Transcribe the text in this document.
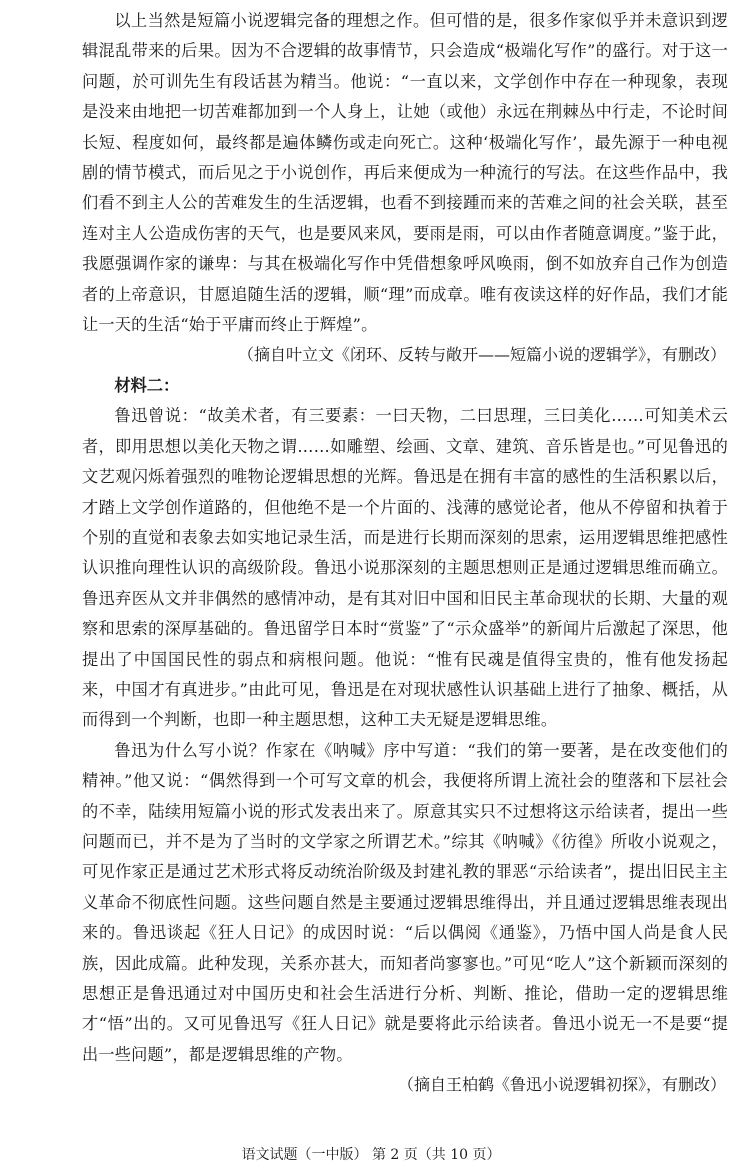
以上当然是短篇小说逻辑完备的理想之作。但可惜的是，很多作家似乎并未意识到逻辑混乱带来的后果。因为不合逻辑的故事情节，只会造成“极端化写作”的盛行。对于这一问题，於可训先生有段话甚为精当。他说：“一直以来，文学创作中存在一种现象，表现是没来由地把一切苦难都加到一个人身上，让她（或他）永远在荆棘丛中行走，不论时间长短、程度如何，最终都是遍体鳞伤或走向死亡。这种‘极端化写作’，最先源于一种电视剧的情节模式，而后见之于小说创作，再后来便成为一种流行的写法。在这些作品中，我们看不到主人公的苦难发生的生活逻辑，也看不到接踵而来的苦难之间的社会关联，甚至连对主人公造成伤害的天气，也是要风来风，要雨是雨，可以由作者随意调度。”鉴于此，我愿强调作家的谦卑：与其在极端化写作中凭借想象呼风唤雨，倒不如放弃自己作为创造者的上帝意识，甘愿追随生活的逻辑，顺“理”而成章。唯有夜读这样的好作品，我们才能让一天的生活“始于平庸而终止于辉煌”。

（摘自叶立文《闭环、反转与敞开——短篇小说的逻辑学》，有删改）

材料二：

鲁迅曾说：“故美术者，有三要素：一曰天物，二曰思理，三曰美化……可知美术云者，即用思想以美化天物之谓……如雕塑、绘画、文章、建筑、音乐皆是也。”可见鲁迅的文艺观闪烁着强烈的唯物论逻辑思想的光辉。鲁迅是在拥有丰富的感性的生活积累以后，才踏上文学创作道路的，但他绝不是一个片面的、浅薄的感觉论者，他从不停留和执着于个别的直觉和表象去如实地记录生活，而是进行长期而深刻的思索，运用逻辑思维把感性认识推向理性认识的高级阶段。鲁迅小说那深刻的主题思想则正是通过逻辑思维而确立。鲁迅弃医从文并非偶然的感情冲动，是有其对旧中国和旧民主革命现状的长期、大量的观察和思索的深厚基础的。鲁迅留学日本时“赏鉴”了“示众盛举”的新闻片后激起了深思，他提出了中国国民性的弱点和病根问题。他说：“惟有民魂是值得宝贵的，惟有他发扬起来，中国才有真进步。”由此可见，鲁迅是在对现状感性认识基础上进行了抽象、概括，从而得到一个判断，也即一种主题思想，这种工夫无疑是逻辑思维。

鲁迅为什么写小说？作家在《呐喊》序中写道：“我们的第一要著，是在改变他们的精神。”他又说：“偶然得到一个可写文章的机会，我便将所谓上流社会的堕落和下层社会的不幸，陆续用短篇小说的形式发表出来了。原意其实只不过想将这示给读者，提出一些问题而已，并不是为了当时的文学家之所谓艺术。”综其《呐喊》《彷徨》所收小说观之，可见作家正是通过艺术形式将反动统治阶级及封建礼教的罪恶“示给读者”，提出旧民主主义革命不彻底性问题。这些问题自然是主要通过逻辑思维得出，并且通过逻辑思维表现出来的。鲁迅谈起《狂人日记》的成因时说：“后以偶阅《通鉴》，乃悟中国人尚是食人民族，因此成篇。此种发现，关系亦甚大，而知者尚寥寥也。”可见“吃人”这个新颖而深刻的思想正是鲁迅通过对中国历史和社会生活进行分析、判断、推论，借助一定的逻辑思维才“悟”出的。又可见鲁迅写《狂人日记》就是要将此示给读者。鲁迅小说无一不是要“提出一些问题”，都是逻辑思维的产物。

（摘自王柏鹤《鲁迅小说逻辑初探》，有删改）

语文试题（一中版） 第 2 页（共 10 页）
